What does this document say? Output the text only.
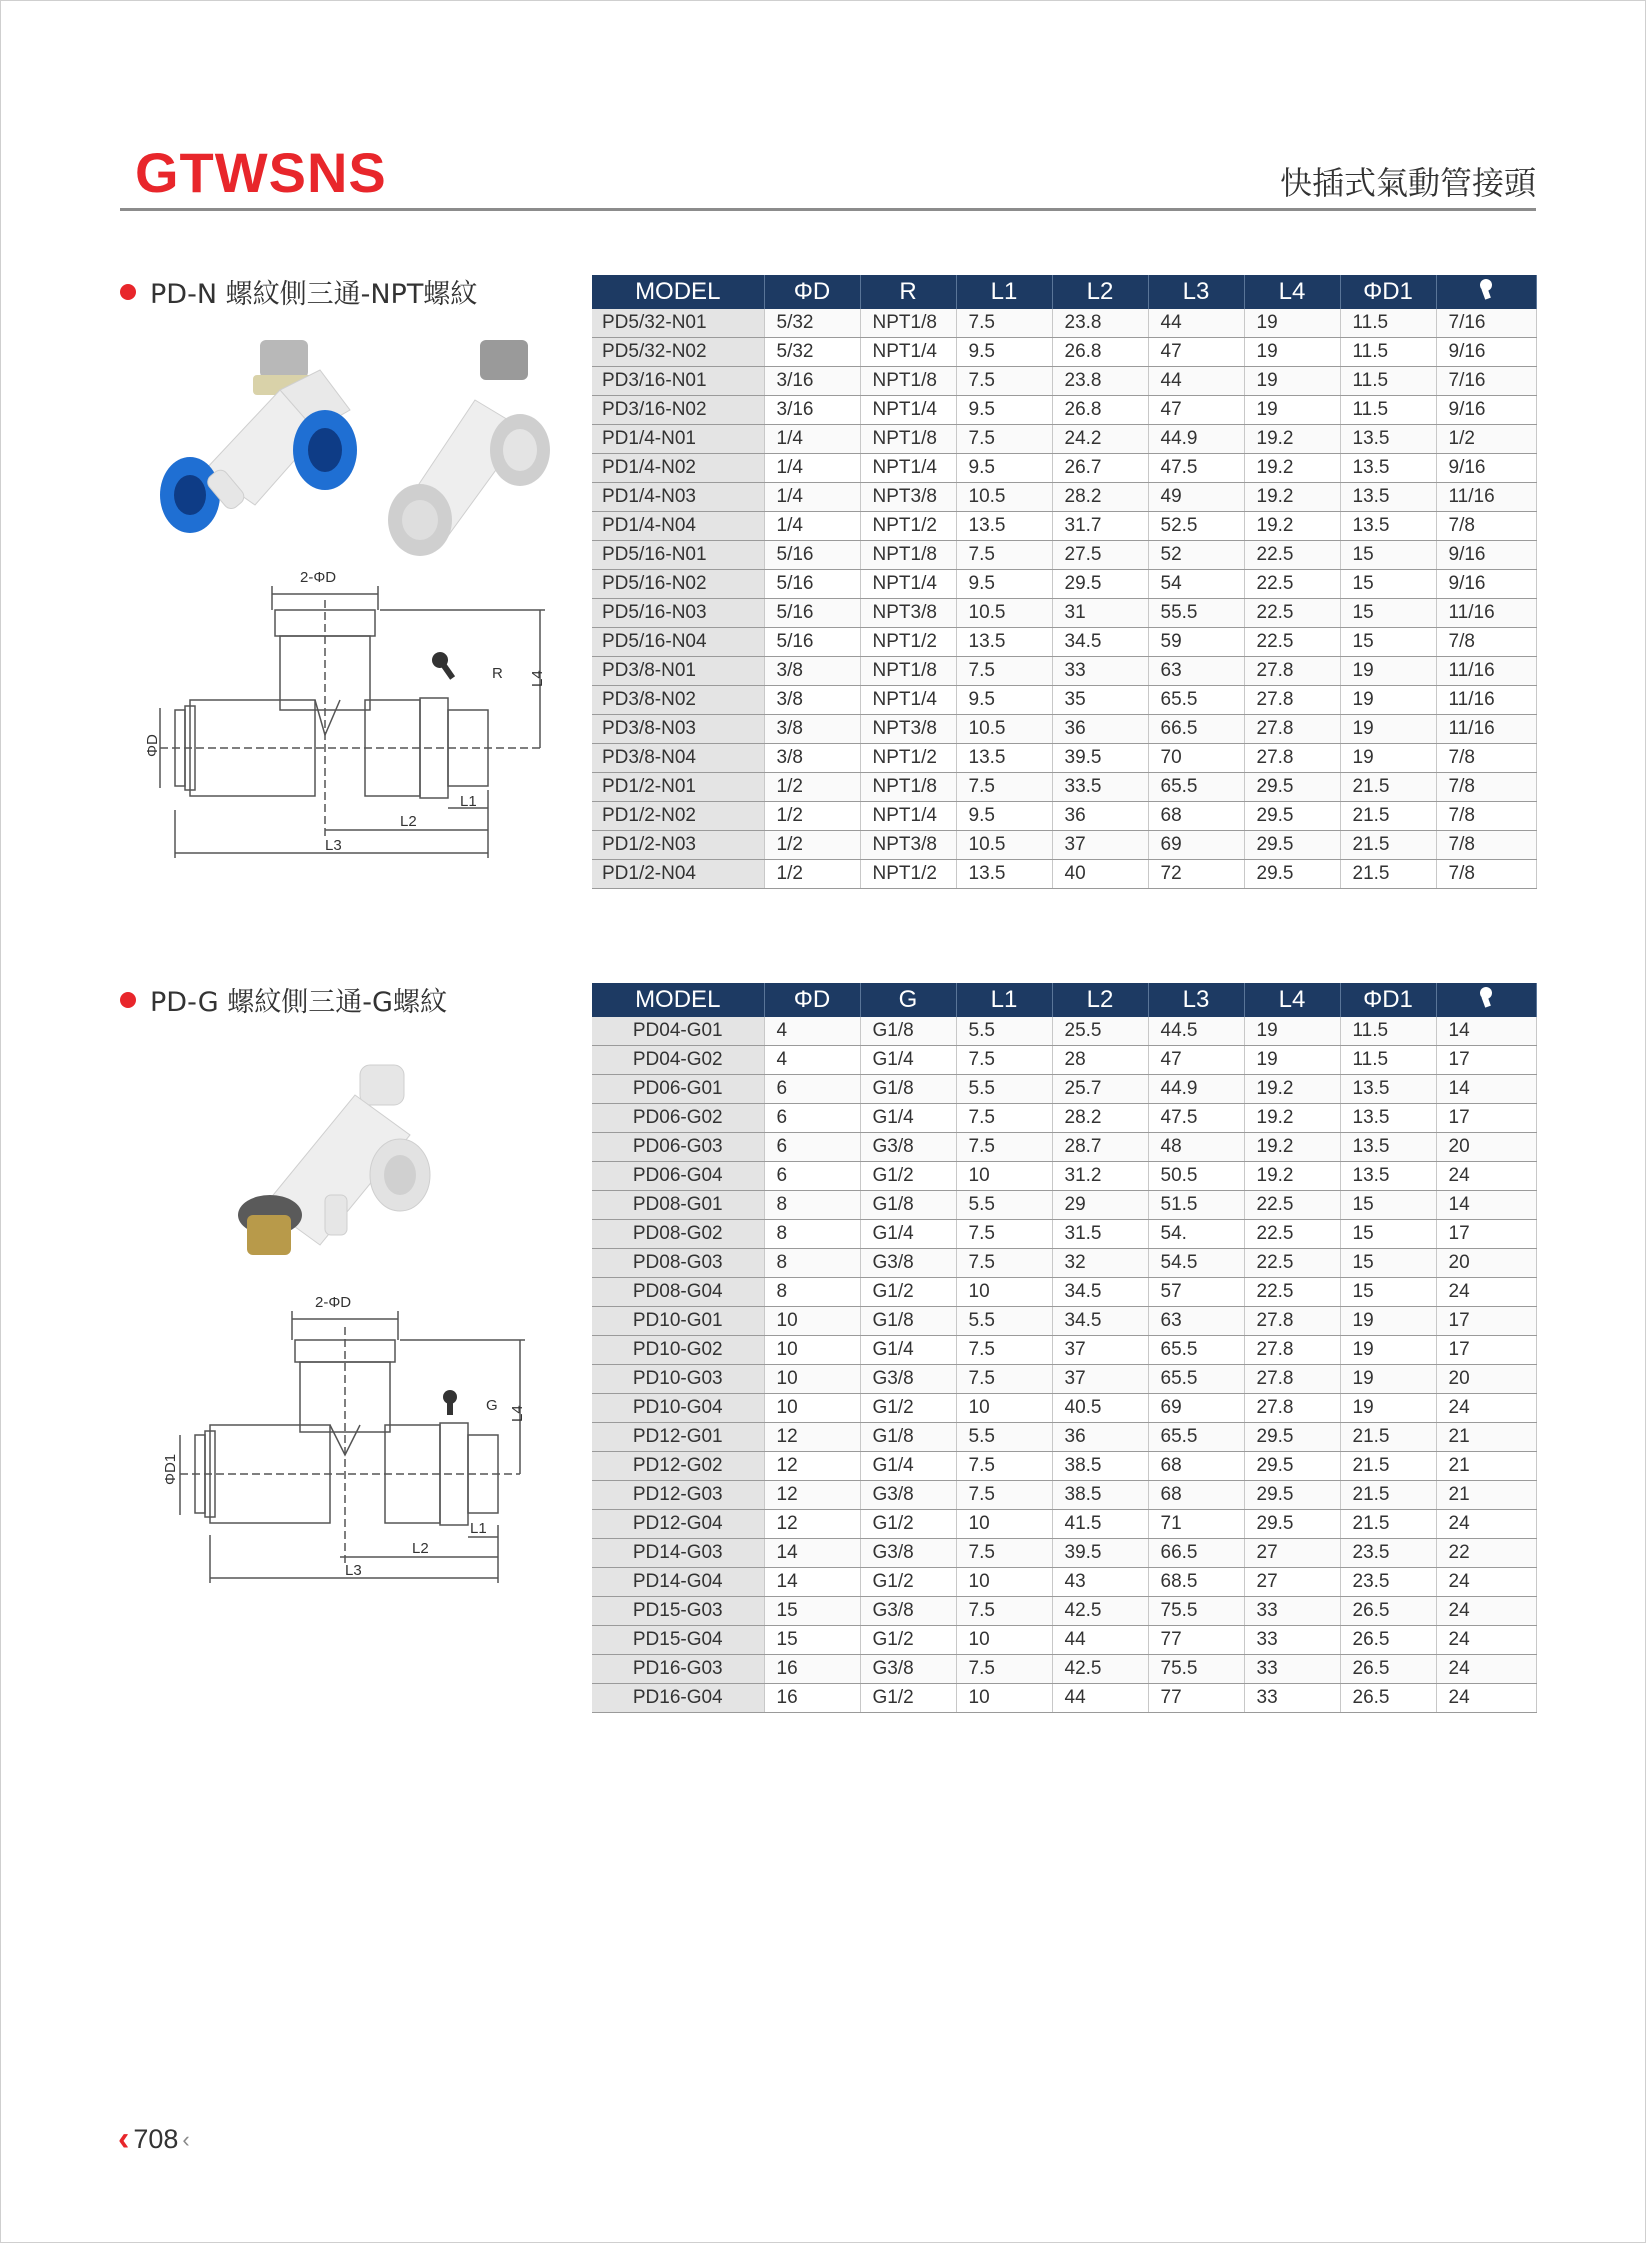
GTWSNS	快插式氣動管接頭
PD-N 螺紋側三通-NPT螺紋
2-ΦD
ΦD
R
L1
L2
L3
L4
MODEL	ΦD	R	L1	L2	L3	L4	ΦD1	
PD5/32-N01	5/32	NPT1/8	7.5	23.8	44	19	11.5	7/16
PD5/32-N02	5/32	NPT1/4	9.5	26.8	47	19	11.5	9/16
PD3/16-N01	3/16	NPT1/8	7.5	23.8	44	19	11.5	7/16
PD3/16-N02	3/16	NPT1/4	9.5	26.8	47	19	11.5	9/16
PD1/4-N01	1/4	NPT1/8	7.5	24.2	44.9	19.2	13.5	1/2
PD1/4-N02	1/4	NPT1/4	9.5	26.7	47.5	19.2	13.5	9/16
PD1/4-N03	1/4	NPT3/8	10.5	28.2	49	19.2	13.5	11/16
PD1/4-N04	1/4	NPT1/2	13.5	31.7	52.5	19.2	13.5	7/8
PD5/16-N01	5/16	NPT1/8	7.5	27.5	52	22.5	15	9/16
PD5/16-N02	5/16	NPT1/4	9.5	29.5	54	22.5	15	9/16
PD5/16-N03	5/16	NPT3/8	10.5	31	55.5	22.5	15	11/16
PD5/16-N04	5/16	NPT1/2	13.5	34.5	59	22.5	15	7/8
PD3/8-N01	3/8	NPT1/8	7.5	33	63	27.8	19	11/16
PD3/8-N02	3/8	NPT1/4	9.5	35	65.5	27.8	19	11/16
PD3/8-N03	3/8	NPT3/8	10.5	36	66.5	27.8	19	11/16
PD3/8-N04	3/8	NPT1/2	13.5	39.5	70	27.8	19	7/8
PD1/2-N01	1/2	NPT1/8	7.5	33.5	65.5	29.5	21.5	7/8
PD1/2-N02	1/2	NPT1/4	9.5	36	68	29.5	21.5	7/8
PD1/2-N03	1/2	NPT3/8	10.5	37	69	29.5	21.5	7/8
PD1/2-N04	1/2	NPT1/2	13.5	40	72	29.5	21.5	7/8
PD-G 螺紋側三通-G螺紋
2-ΦD
ΦD1
G
L1
L2
L3
L4
MODEL	ΦD	G	L1	L2	L3	L4	ΦD1	
PD04-G01	4	G1/8	5.5	25.5	44.5	19	11.5	14
PD04-G02	4	G1/4	7.5	28	47	19	11.5	17
PD06-G01	6	G1/8	5.5	25.7	44.9	19.2	13.5	14
PD06-G02	6	G1/4	7.5	28.2	47.5	19.2	13.5	17
PD06-G03	6	G3/8	7.5	28.7	48	19.2	13.5	20
PD06-G04	6	G1/2	10	31.2	50.5	19.2	13.5	24
PD08-G01	8	G1/8	5.5	29	51.5	22.5	15	14
PD08-G02	8	G1/4	7.5	31.5	54.	22.5	15	17
PD08-G03	8	G3/8	7.5	32	54.5	22.5	15	20
PD08-G04	8	G1/2	10	34.5	57	22.5	15	24
PD10-G01	10	G1/8	5.5	34.5	63	27.8	19	17
PD10-G02	10	G1/4	7.5	37	65.5	27.8	19	17
PD10-G03	10	G3/8	7.5	37	65.5	27.8	19	20
PD10-G04	10	G1/2	10	40.5	69	27.8	19	24
PD12-G01	12	G1/8	5.5	36	65.5	29.5	21.5	21
PD12-G02	12	G1/4	7.5	38.5	68	29.5	21.5	21
PD12-G03	12	G3/8	7.5	38.5	68	29.5	21.5	21
PD12-G04	12	G1/2	10	41.5	71	29.5	21.5	24
PD14-G03	14	G3/8	7.5	39.5	66.5	27	23.5	22
PD14-G04	14	G1/2	10	43	68.5	27	23.5	24
PD15-G03	15	G3/8	7.5	42.5	75.5	33	26.5	24
PD15-G04	15	G1/2	10	44	77	33	26.5	24
PD16-G03	16	G3/8	7.5	42.5	75.5	33	26.5	24
PD16-G04	16	G1/2	10	44	77	33	26.5	24
‹ 708 ‹
